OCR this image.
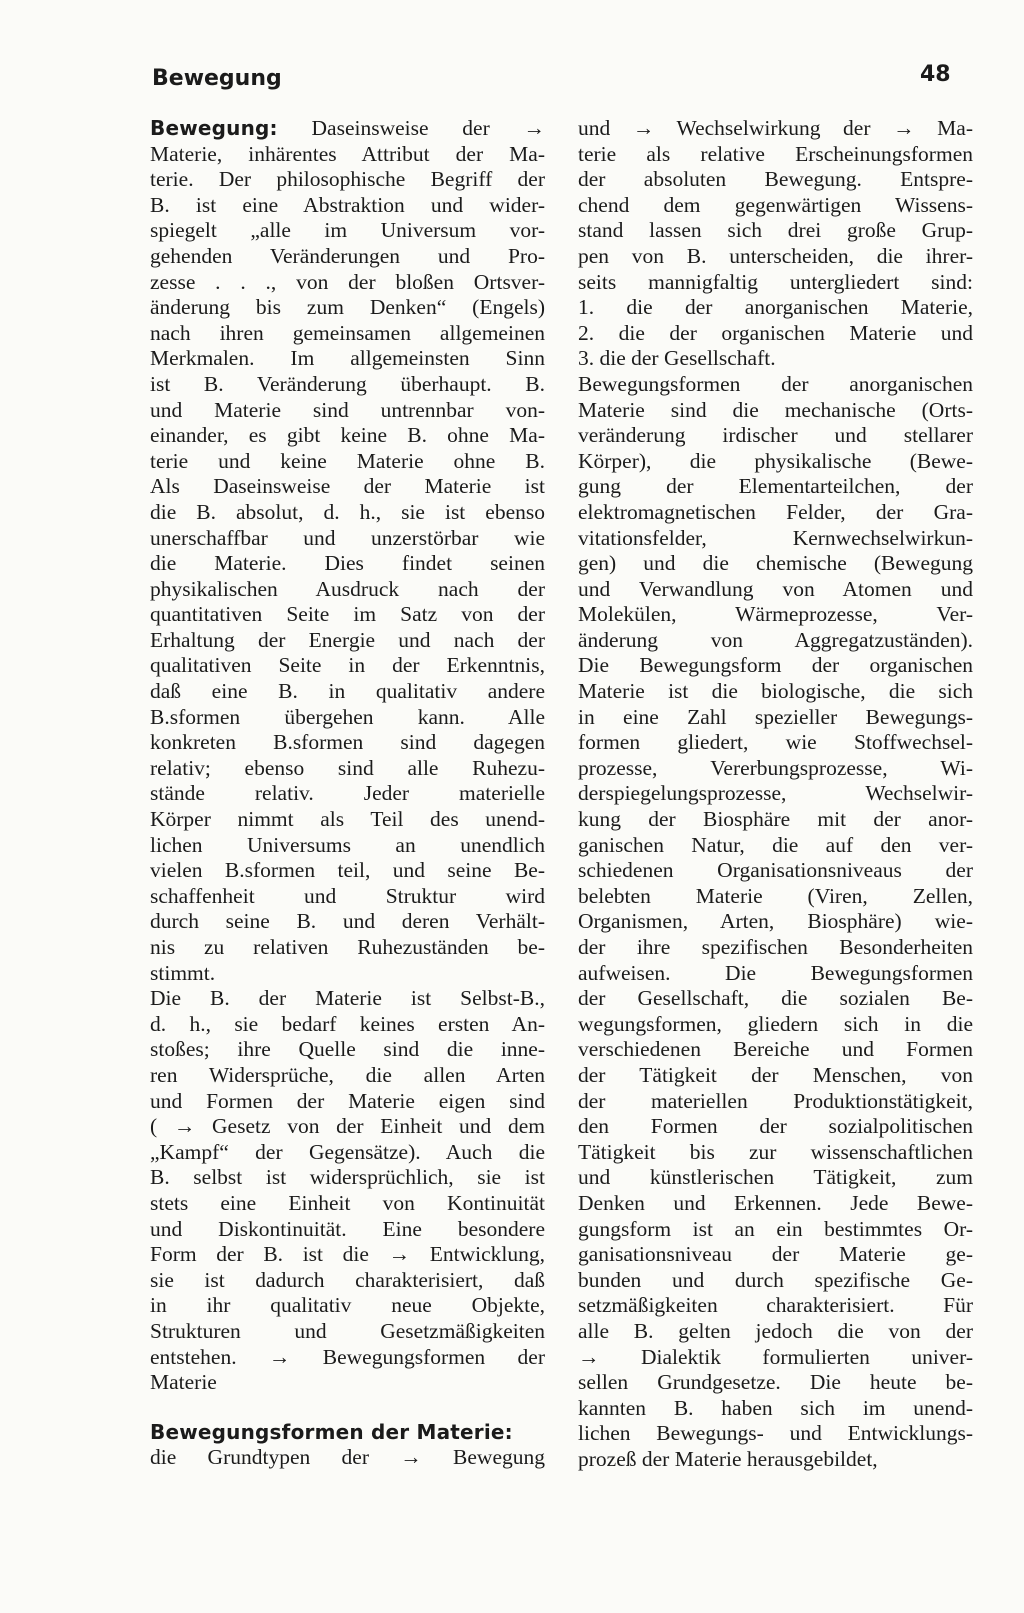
Bewegung	48
Bewegung: Daseinsweise der →
Materie, inhärentes Attribut der Ma-
terie. Der philosophische Begriff der
B. ist eine Abstraktion und wider-
spiegelt „alle im Universum vor-
gehenden Veränderungen und Pro-
zesse . . ., von der bloßen Ortsver-
änderung bis zum Denken“ (Engels)
nach ihren gemeinsamen allgemeinen
Merkmalen. Im allgemeinsten Sinn
ist B. Veränderung überhaupt. B.
und Materie sind untrennbar von-
einander, es gibt keine B. ohne Ma-
terie und keine Materie ohne B.
Als Daseinsweise der Materie ist
die B. absolut, d. h., sie ist ebenso
unerschaffbar und unzerstörbar wie
die Materie. Dies findet seinen
physikalischen Ausdruck nach der
quantitativen Seite im Satz von der
Erhaltung der Energie und nach der
qualitativen Seite in der Erkenntnis,
daß eine B. in qualitativ andere
B.sformen übergehen kann. Alle
konkreten B.sformen sind dagegen
relativ; ebenso sind alle Ruhezu-
stände relativ. Jeder materielle
Körper nimmt als Teil des unend-
lichen Universums an unendlich
vielen B.sformen teil, und seine Be-
schaffenheit und Struktur wird
durch seine B. und deren Verhält-
nis zu relativen Ruhezuständen be-
stimmt.
Die B. der Materie ist Selbst-B.,
d. h., sie bedarf keines ersten An-
stoßes; ihre Quelle sind die inne-
ren Widersprüche, die allen Arten
und Formen der Materie eigen sind
( → Gesetz von der Einheit und dem
„Kampf“ der Gegensätze). Auch die
B. selbst ist widersprüchlich, sie ist
stets eine Einheit von Kontinuität
und Diskontinuität. Eine besondere
Form der B. ist die → Entwicklung,
sie ist dadurch charakterisiert, daß
in ihr qualitativ neue Objekte,
Strukturen und Gesetzmäßigkeiten
entstehen. → Bewegungsformen der
Materie
Bewegungsformen der Materie:
die Grundtypen der → Bewegung
und → Wechselwirkung der → Ma-
terie als relative Erscheinungsformen
der absoluten Bewegung. Entspre-
chend dem gegenwärtigen Wissens-
stand lassen sich drei große Grup-
pen von B. unterscheiden, die ihrer-
seits mannigfaltig untergliedert sind:
1. die der anorganischen Materie,
2. die der organischen Materie und
3. die der Gesellschaft.
Bewegungsformen der anorganischen
Materie sind die mechanische (Orts-
veränderung irdischer und stellarer
Körper), die physikalische (Bewe-
gung der Elementarteilchen, der
elektromagnetischen Felder, der Gra-
vitationsfelder, Kernwechselwirkun-
gen) und die chemische (Bewegung
und Verwandlung von Atomen und
Molekülen, Wärmeprozesse, Ver-
änderung von Aggregatzuständen).
Die Bewegungsform der organischen
Materie ist die biologische, die sich
in eine Zahl spezieller Bewegungs-
formen gliedert, wie Stoffwechsel-
prozesse, Vererbungsprozesse, Wi-
derspiegelungsprozesse, Wechselwir-
kung der Biosphäre mit der anor-
ganischen Natur, die auf den ver-
schiedenen Organisationsniveaus der
belebten Materie (Viren, Zellen,
Organismen, Arten, Biosphäre) wie-
der ihre spezifischen Besonderheiten
aufweisen. Die Bewegungsformen
der Gesellschaft, die sozialen Be-
wegungsformen, gliedern sich in die
verschiedenen Bereiche und Formen
der Tätigkeit der Menschen, von
der materiellen Produktionstätigkeit,
den Formen der sozialpolitischen
Tätigkeit bis zur wissenschaftlichen
und künstlerischen Tätigkeit, zum
Denken und Erkennen. Jede Bewe-
gungsform ist an ein bestimmtes Or-
ganisationsniveau der Materie ge-
bunden und durch spezifische Ge-
setzmäßigkeiten charakterisiert. Für
alle B. gelten jedoch die von der
→ Dialektik formulierten univer-
sellen Grundgesetze. Die heute be-
kannten B. haben sich im unend-
lichen Bewegungs- und Entwicklungs-
prozeß der Materie herausgebildet,
